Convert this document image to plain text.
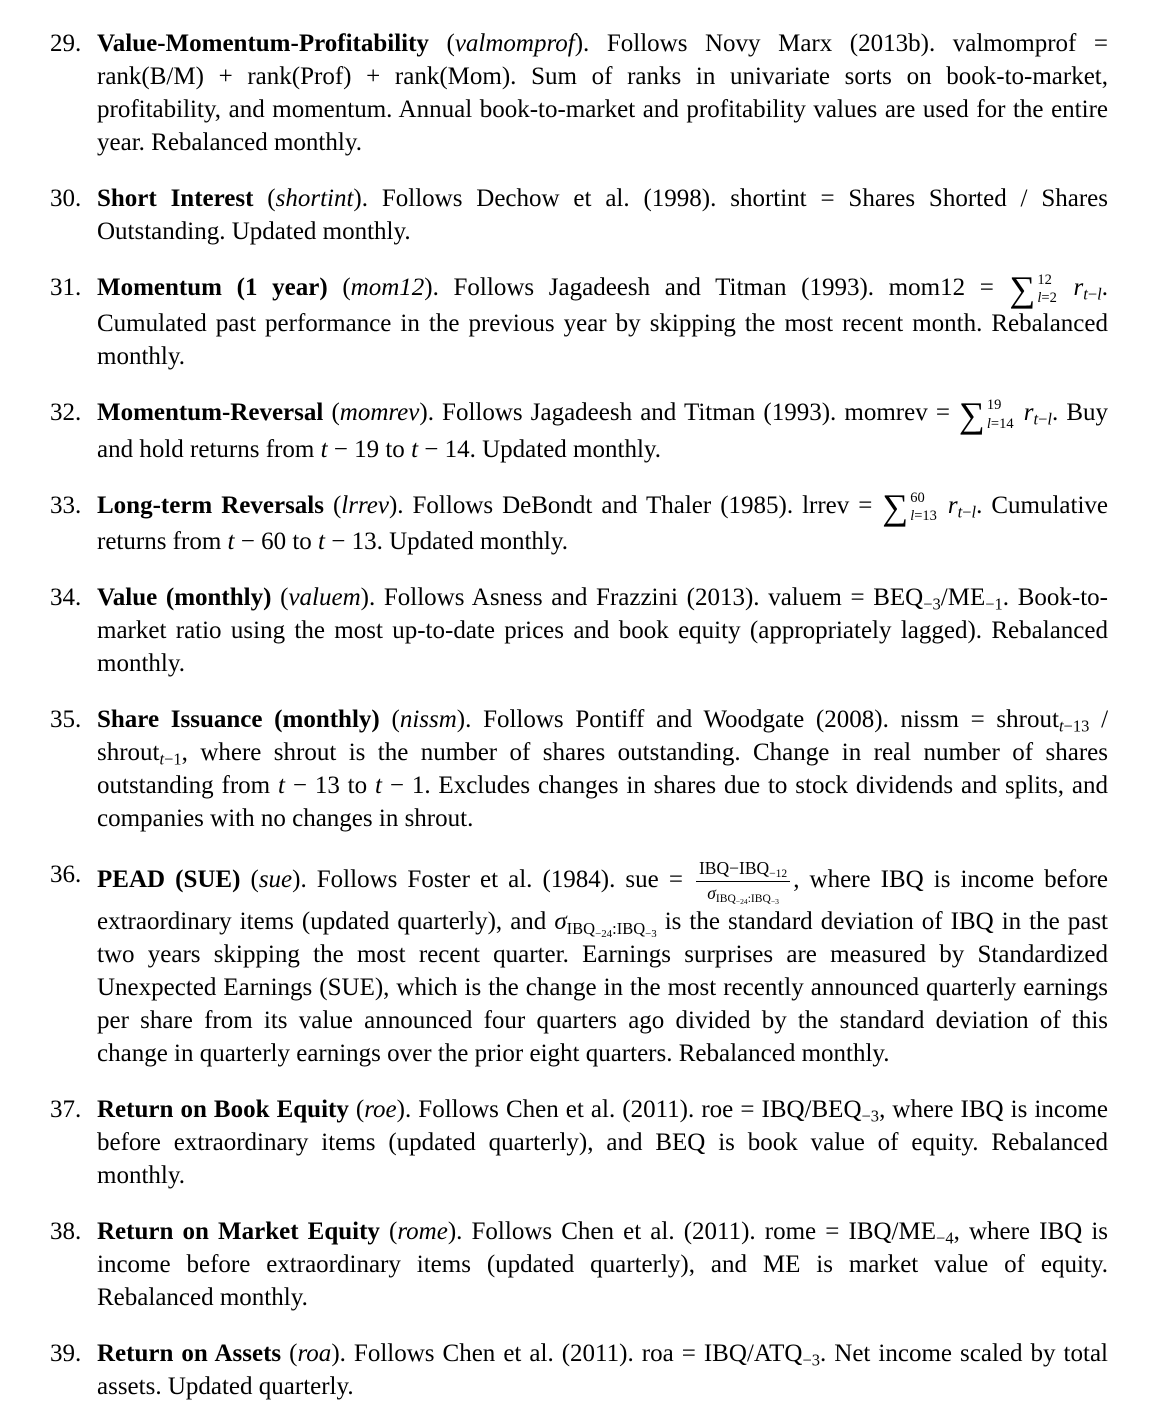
29. Value-Momentum-Profitability (valmomprof). Follows Novy Marx (2013b). valmomprof = rank(B/M) + rank(Prof) + rank(Mom). Sum of ranks in univariate sorts on book-to-market, profitability, and momentum. Annual book-to-market and profitability values are used for the entire year. Rebalanced monthly.
30. Short Interest (shortint). Follows Dechow et al. (1998). shortint = Shares Shorted / Shares Outstanding. Updated monthly.
31. Momentum (1 year) (mom12). Follows Jagadeesh and Titman (1993). mom12 = ∑ 12
l=2 $r_{t-l}$. Cumulated past performance in the previous year by skipping the most recent month. Rebalanced monthly.
32. Momentum-Reversal (momrev). Follows Jagadeesh and Titman (1993). momrev = ∑ 19
l=14 $r_{t-l}$. Buy and hold returns from t − 19 to t − 14. Updated monthly.
33. Long-term Reversals (lrrev). Follows DeBondt and Thaler (1985). lrrev = ∑ 60
l=13 $r_{t-l}$. Cumulative returns from t − 60 to t − 13. Updated monthly.
34. Value (monthly) (valuem). Follows Asness and Frazzini (2013). valuem = $BEQ_{-3}/ME_{-1}$. Book-to-market ratio using the most up-to-date prices and book equity (appropriately lagged). Rebalanced monthly.
35. Share Issuance (monthly) (nissm). Follows Pontiff and Woodgate (2008). nissm = shrout$_{t-13}$ / shrout$_{t-1}$, where shrout is the number of shares outstanding. Change in real number of shares outstanding from t − 13 to t − 1. Excludes changes in shares due to stock dividends and splits, and companies with no changes in shrout.
36. PEAD (SUE) (sue). Follows Foster et al. (1984). sue = $\frac{IBQ-IBQ_{-12}}{\sigma_{IBQ_{-24}:IBQ_{-3}}}$ , where IBQ is income before extraordinary items (updated quarterly), and $\sigma_{IBQ_{-24}:IBQ_{-3}}$ is the standard deviation of IBQ in the past two years skipping the most recent quarter. Earnings surprises are measured by Standardized Unexpected Earnings (SUE), which is the change in the most recently announced quarterly earnings per share from its value announced four quarters ago divided by the standard deviation of this change in quarterly earnings over the prior eight quarters. Rebalanced monthly.
37. Return on Book Equity (roe). Follows Chen et al. (2011). roe = IBQ/$BEQ_{-3}$, where IBQ is income before extraordinary items (updated quarterly), and BEQ is book value of equity. Rebalanced monthly.
38. Return on Market Equity (rome). Follows Chen et al. (2011). rome = IBQ/$ME_{-4}$, where IBQ is income before extraordinary items (updated quarterly), and ME is market value of equity. Rebalanced monthly.
39. Return on Assets (roa). Follows Chen et al. (2011). roa = IBQ/$ATQ_{-3}$. Net income scaled by total assets. Updated quarterly.
